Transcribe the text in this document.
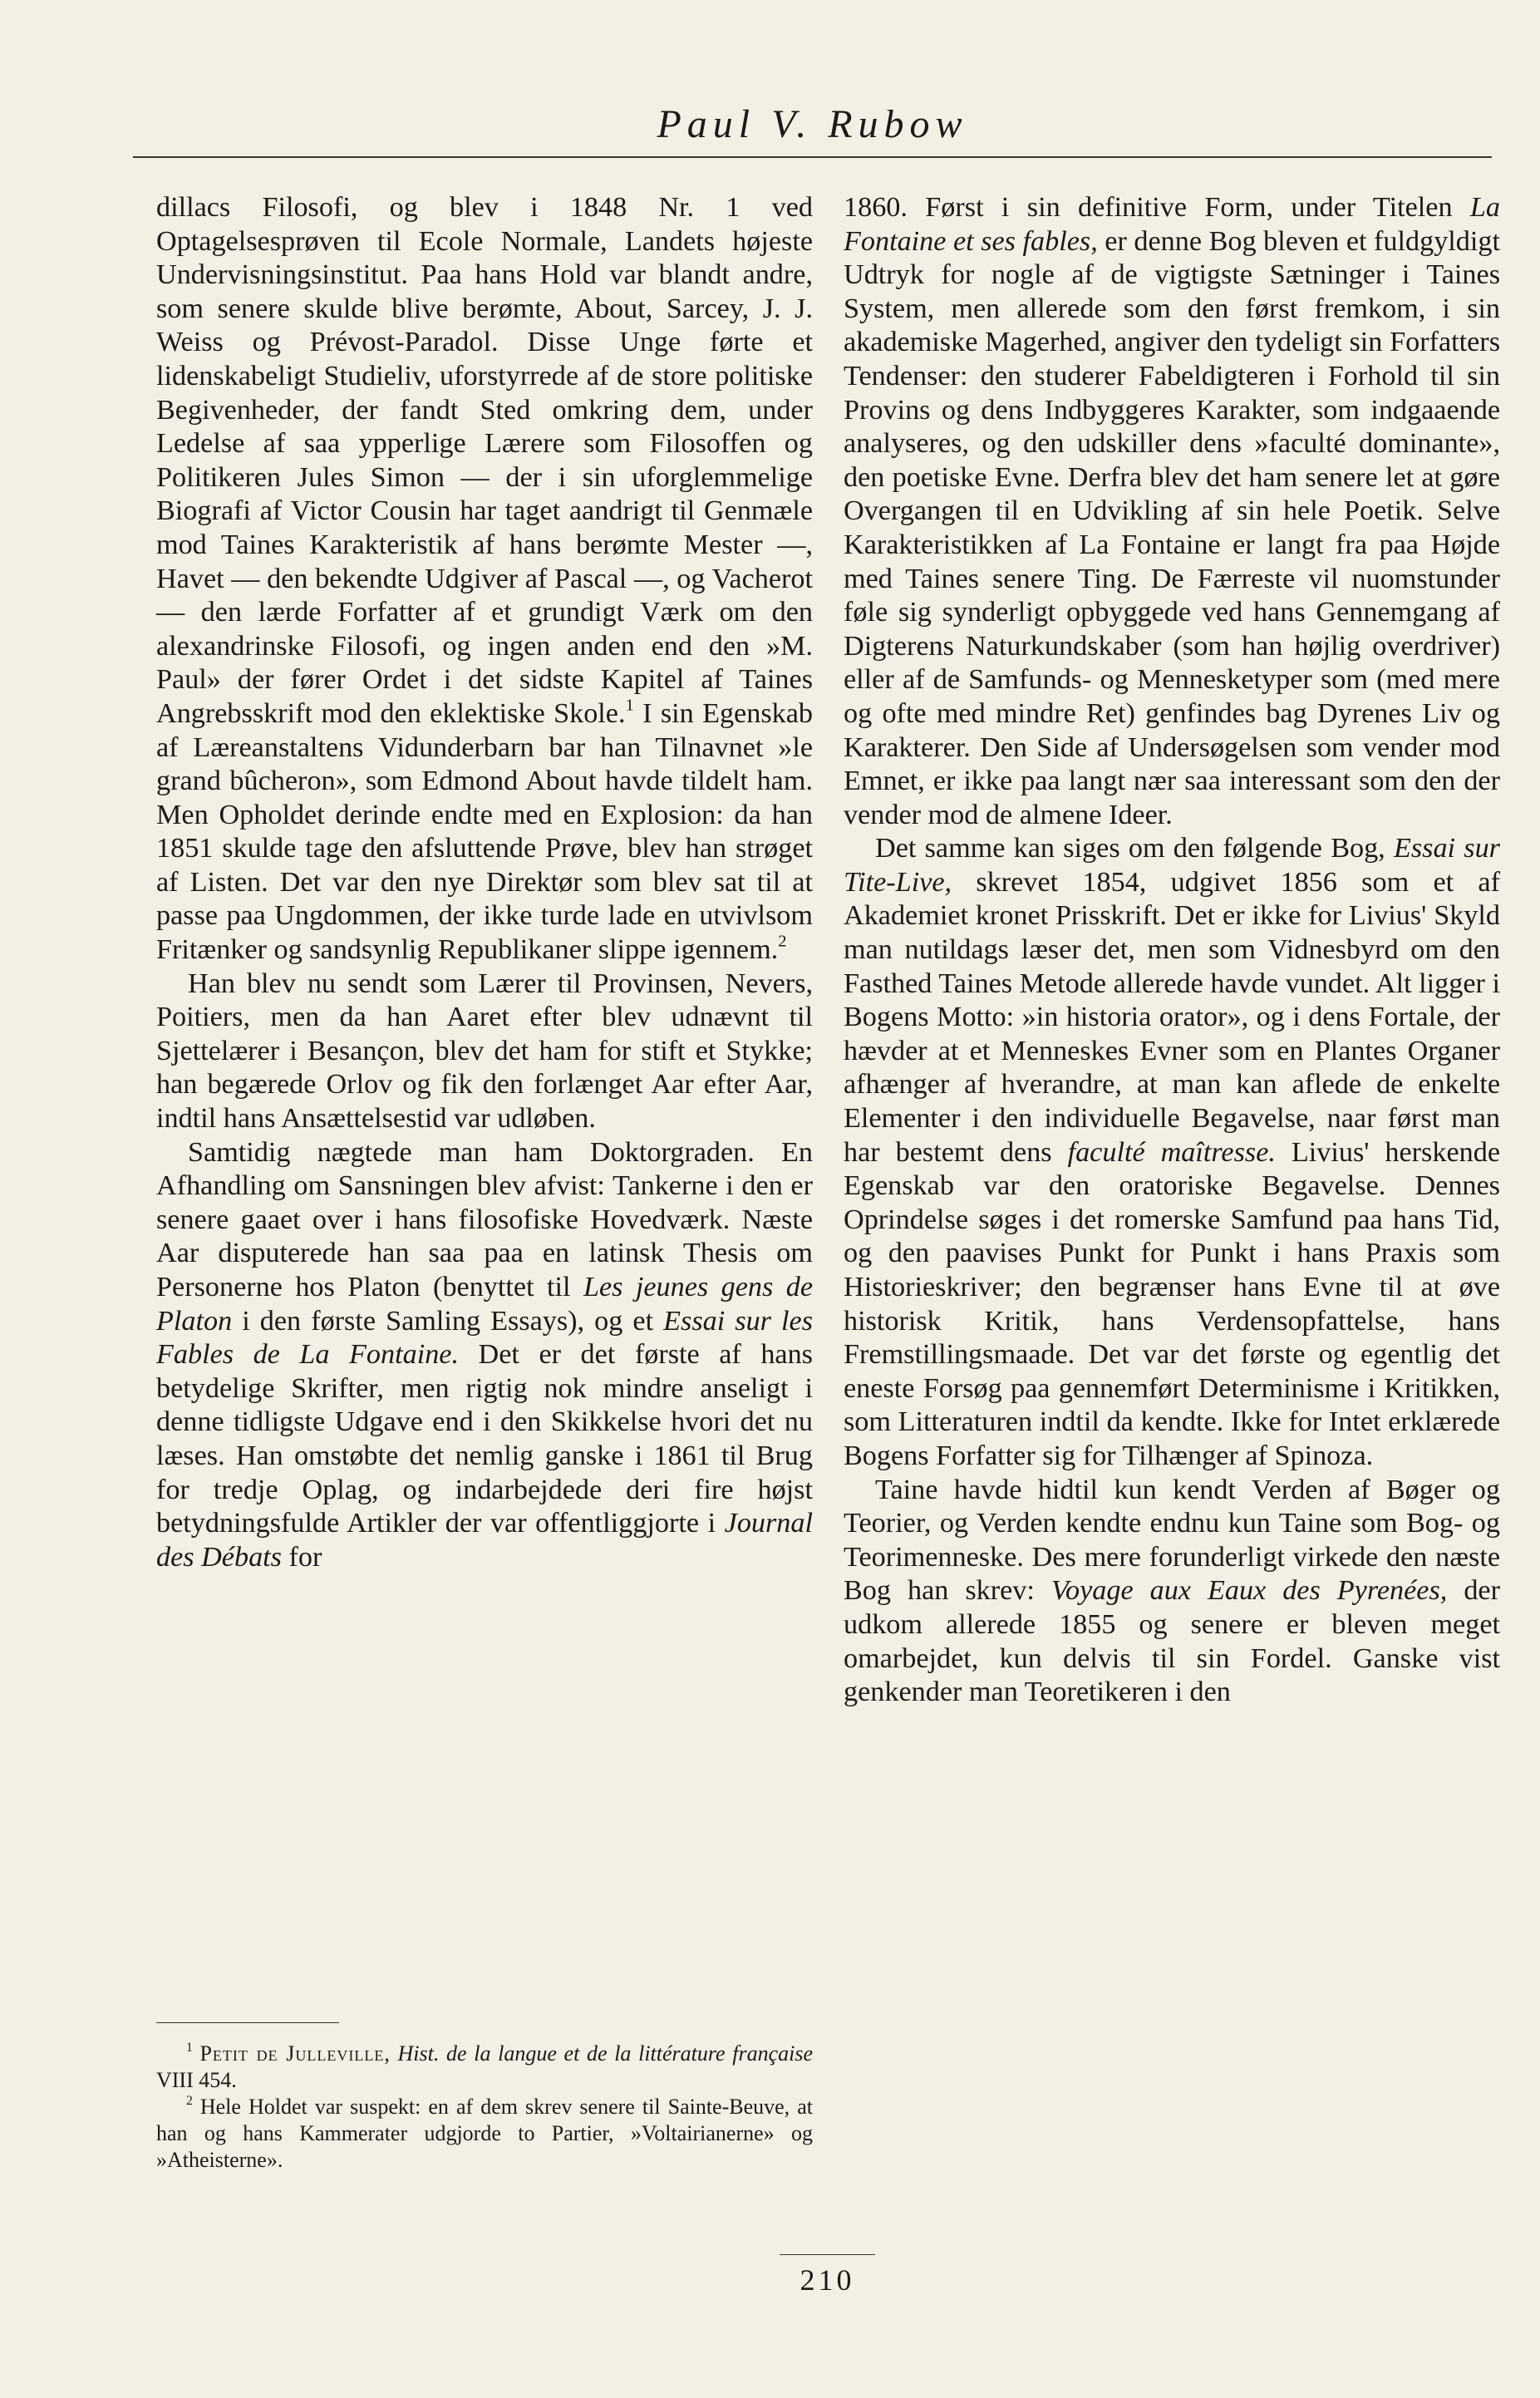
Paul V. Rubow

dillacs Filosofi, og blev i 1848 Nr. 1 ved Optagelsesprøven til Ecole Normale, Landets højeste Undervisningsinstitut. Paa hans Hold var blandt andre, som senere skulde blive berømte, About, Sarcey, J. J. Weiss og Prévost-Paradol. Disse Unge førte et lidenskabeligt Studieliv, uforstyrrede af de store politiske Begivenheder, der fandt Sted omkring dem, under Ledelse af saa ypperlige Lærere som Filosoffen og Politikeren Jules Simon — der i sin uforglemmelige Biografi af Victor Cousin har taget aandrigt til Genmæle mod Taines Karakteristik af hans berømte Mester —, Havet — den bekendte Udgiver af Pascal —, og Vacherot — den lærde Forfatter af et grundigt Værk om den alexandrinske Filosofi, og ingen anden end den »M. Paul» der fører Ordet i det sidste Kapitel af Taines Angrebsskrift mod den eklektiske Skole.$^1$ I sin Egenskab af Læreanstaltens Vidunderbarn bar han Tilnavnet »le grand bûcheron», som Edmond About havde tildelt ham. Men Opholdet derinde endte med en Explosion: da han 1851 skulde tage den afsluttende Prøve, blev han strøget af Listen. Det var den nye Direktør som blev sat til at passe paa Ungdommen, der ikke turde lade en utvivlsom Fritænker og sandsynlig Republikaner slippe igennem.$^2$

Han blev nu sendt som Lærer til Provinsen, Nevers, Poitiers, men da han Aaret efter blev udnævnt til Sjettelærer i Besançon, blev det ham for stift et Stykke; han begærede Orlov og fik den forlænget Aar efter Aar, indtil hans Ansættelsestid var udløben.

Samtidig nægtede man ham Doktorgraden. En Afhandling om Sansningen blev afvist: Tankerne i den er senere gaaet over i hans filosofiske Hovedværk. Næste Aar disputerede han saa paa en latinsk Thesis om Personerne hos Platon (benyttet til Les jeunes gens de Platon i den første Samling Essays), og et Essai sur les Fables de La Fontaine. Det er det første af hans betydelige Skrifter, men rigtig nok mindre anseligt i denne tidligste Udgave end i den Skikkelse hvori det nu læses. Han omstøbte det nemlig ganske i 1861 til Brug for tredje Oplag, og indarbejdede deri fire højst betydningsfulde Artikler der var offentliggjorte i Journal des Débats for

$^1$ Petit de Julleville, Hist. de la langue et de la littérature française VIII 454.

$^2$ Hele Holdet var suspekt: en af dem skrev senere til Sainte-Beuve, at han og hans Kammerater udgjorde to Partier, »Voltairianerne» og »Atheisterne».

1860. Først i sin definitive Form, under Titelen La Fontaine et ses fables, er denne Bog bleven et fuldgyldigt Udtryk for nogle af de vigtigste Sætninger i Taines System, men allerede som den først fremkom, i sin akademiske Magerhed, angiver den tydeligt sin Forfatters Tendenser: den studerer Fabeldigteren i Forhold til sin Provins og dens Indbyggeres Karakter, som indgaaende analyseres, og den udskiller dens »faculté dominante», den poetiske Evne. Derfra blev det ham senere let at gøre Overgangen til en Udvikling af sin hele Poetik. Selve Karakteristikken af La Fontaine er langt fra paa Højde med Taines senere Ting. De Færreste vil nuomstunder føle sig synderligt opbyggede ved hans Gennemgang af Digterens Naturkundskaber (som han højlig overdriver) eller af de Samfunds- og Mennesketyper som (med mere og ofte med mindre Ret) genfindes bag Dyrenes Liv og Karakterer. Den Side af Undersøgelsen som vender mod Emnet, er ikke paa langt nær saa interessant som den der vender mod de almene Ideer.

Det samme kan siges om den følgende Bog, Essai sur Tite-Live, skrevet 1854, udgivet 1856 som et af Akademiet kronet Prisskrift. Det er ikke for Livius' Skyld man nutildags læser det, men som Vidnesbyrd om den Fasthed Taines Metode allerede havde vundet. Alt ligger i Bogens Motto: »in historia orator», og i dens Fortale, der hævder at et Menneskes Evner som en Plantes Organer afhænger af hverandre, at man kan aflede de enkelte Elementer i den individuelle Begavelse, naar først man har bestemt dens faculté maîtresse. Livius' herskende Egenskab var den oratoriske Begavelse. Dennes Oprindelse søges i det romerske Samfund paa hans Tid, og den paavises Punkt for Punkt i hans Praxis som Historieskriver; den begrænser hans Evne til at øve historisk Kritik, hans Verdensopfattelse, hans Fremstillingsmaade. Det var det første og egentlig det eneste Forsøg paa gennemført Determinisme i Kritikken, som Litteraturen indtil da kendte. Ikke for Intet erklærede Bogens Forfatter sig for Tilhænger af Spinoza.

Taine havde hidtil kun kendt Verden af Bøger og Teorier, og Verden kendte endnu kun Taine som Bog- og Teorimenneske. Des mere forunderligt virkede den næste Bog han skrev: Voyage aux Eaux des Pyrenées, der udkom allerede 1855 og senere er bleven meget omarbejdet, kun delvis til sin Fordel. Ganske vist genkender man Teoretikeren i den

210
